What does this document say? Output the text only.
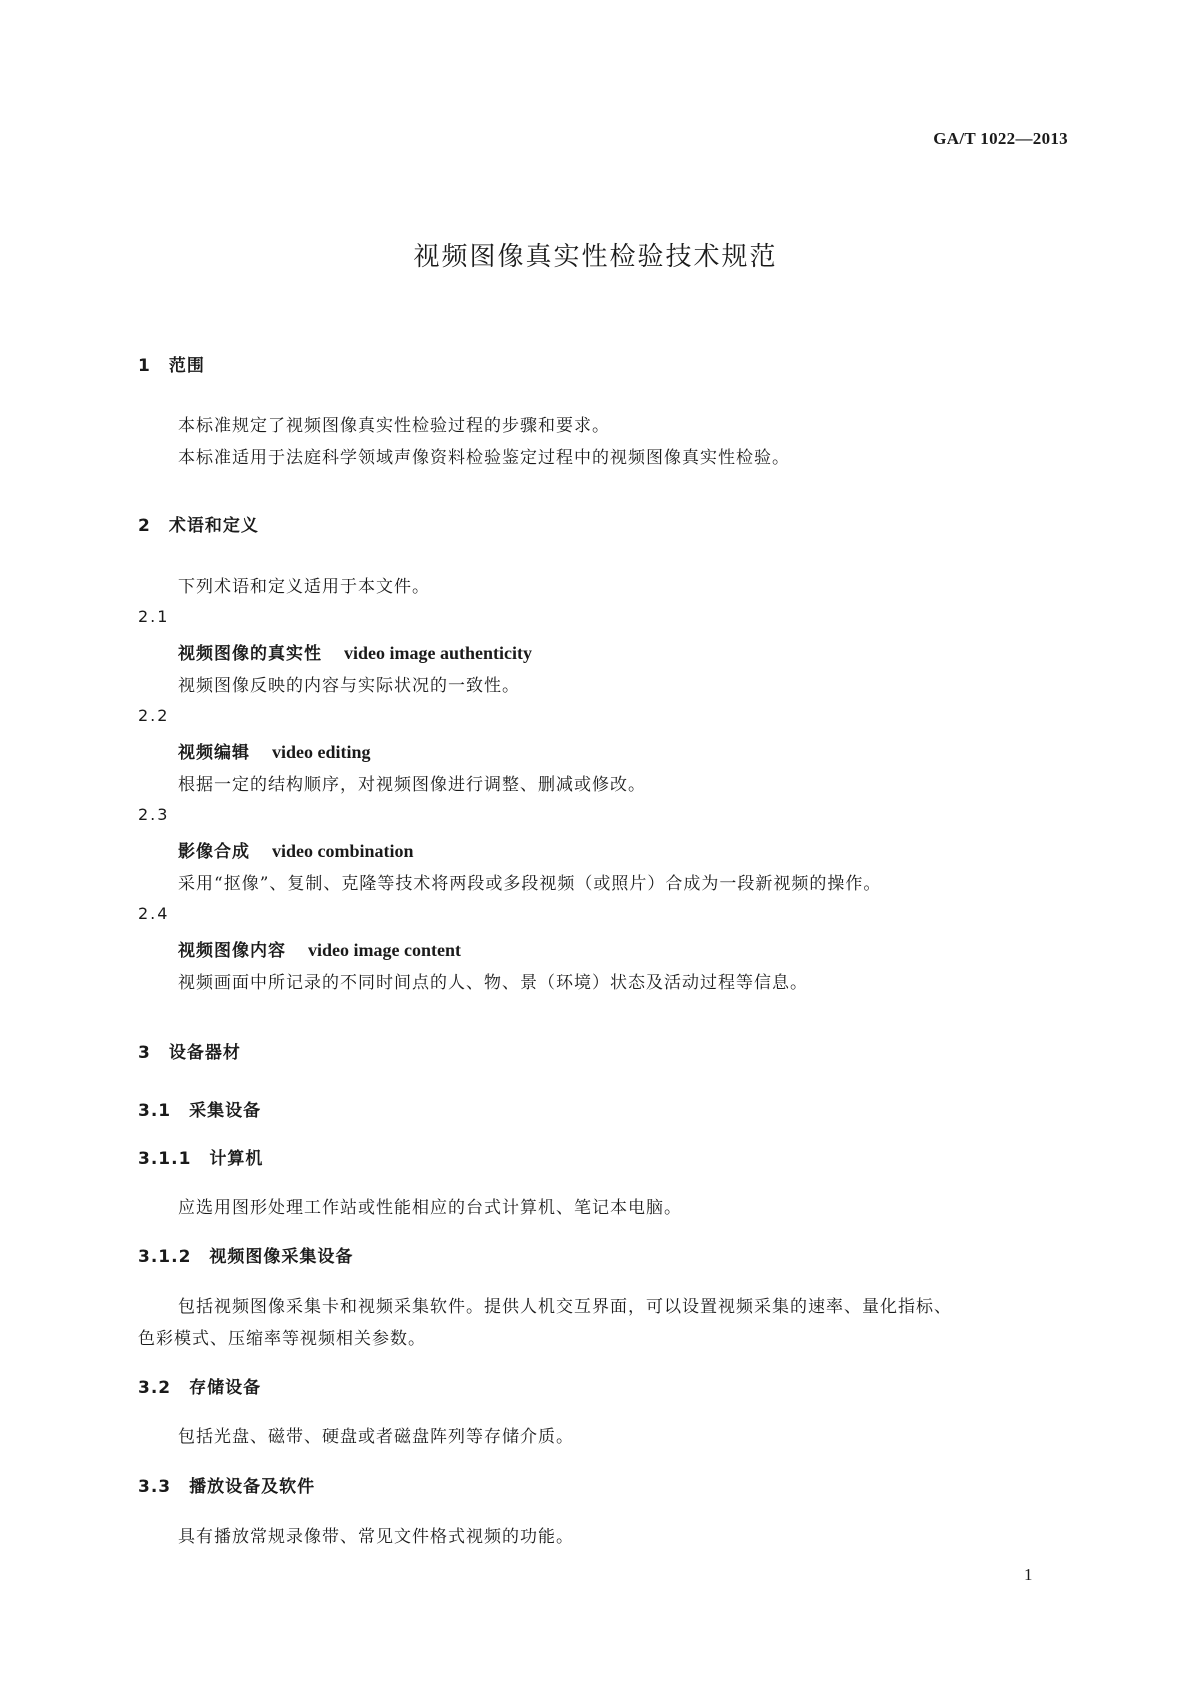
GA/T 1022—2013
视频图像真实性检验技术规范
1　范围
本标准规定了视频图像真实性检验过程的步骤和要求。
本标准适用于法庭科学领域声像资料检验鉴定过程中的视频图像真实性检验。
2　术语和定义
下列术语和定义适用于本文件。
2.1
视频图像的真实性 video image authenticity
视频图像反映的内容与实际状况的一致性。
2.2
视频编辑 video editing
根据一定的结构顺序，对视频图像进行调整、删减或修改。
2.3
影像合成 video combination
采用“抠像”、复制、克隆等技术将两段或多段视频（或照片）合成为一段新视频的操作。
2.4
视频图像内容 video image content
视频画面中所记录的不同时间点的人、物、景（环境）状态及活动过程等信息。
3　设备器材
3.1　采集设备
3.1.1　计算机
应选用图形处理工作站或性能相应的台式计算机、笔记本电脑。
3.1.2　视频图像采集设备
包括视频图像采集卡和视频采集软件。提供人机交互界面，可以设置视频采集的速率、量化指标、
色彩模式、压缩率等视频相关参数。
3.2　存储设备
包括光盘、磁带、硬盘或者磁盘阵列等存储介质。
3.3　播放设备及软件
具有播放常规录像带、常见文件格式视频的功能。
1
